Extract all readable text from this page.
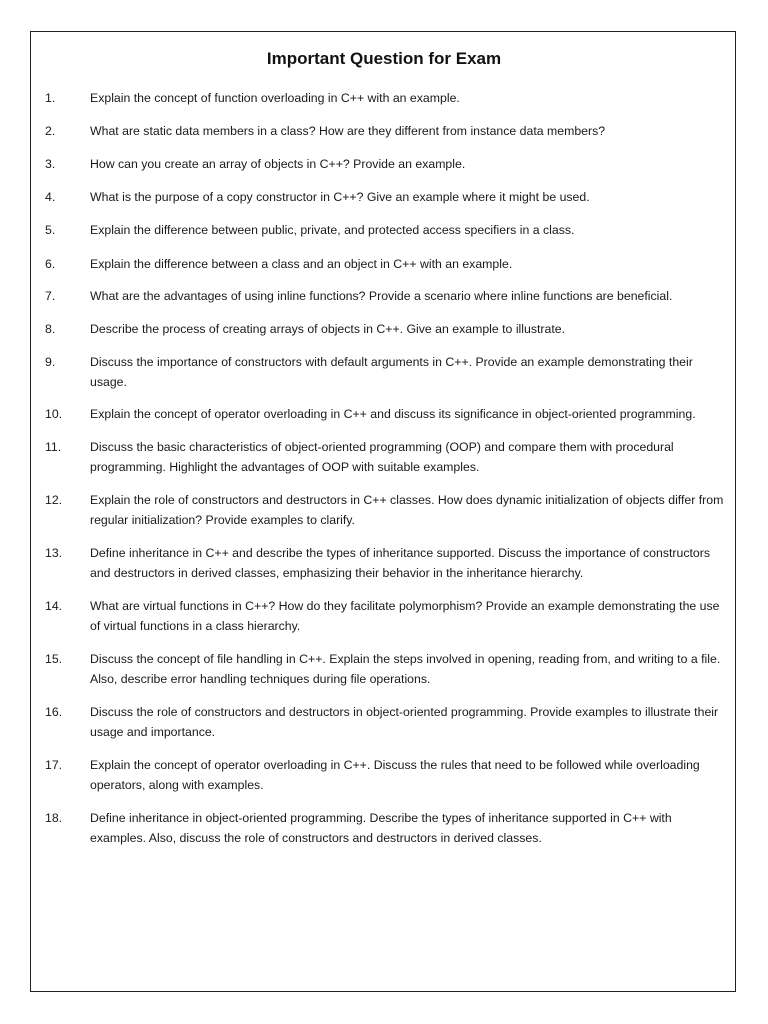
Important Question for Exam
1.	Explain the concept of function overloading in C++ with an example.
2.	What are static data members in a class? How are they different from instance data members?
3.	How can you create an array of objects in C++? Provide an example.
4.	What is the purpose of a copy constructor in C++? Give an example where it might be used.
5.	Explain the difference between public, private, and protected access specifiers in a class.
6.	Explain the difference between a class and an object in C++ with an example.
7.	What are the advantages of using inline functions? Provide a scenario where inline functions are beneficial.
8.	Describe the process of creating arrays of objects in C++. Give an example to illustrate.
9.	Discuss the importance of constructors with default arguments in C++. Provide an example demonstrating their usage.
10. Explain the concept of operator overloading in C++ and discuss its significance in object-oriented programming.
11. Discuss the basic characteristics of object-oriented programming (OOP) and compare them with procedural programming. Highlight the advantages of OOP with suitable examples.
12. Explain the role of constructors and destructors in C++ classes. How does dynamic initialization of objects differ from regular initialization? Provide examples to clarify.
13. Define inheritance in C++ and describe the types of inheritance supported. Discuss the importance of constructors and destructors in derived classes, emphasizing their behavior in the inheritance hierarchy.
14. What are virtual functions in C++? How do they facilitate polymorphism? Provide an example demonstrating the use of virtual functions in a class hierarchy.
15. Discuss the concept of file handling in C++. Explain the steps involved in opening, reading from, and writing to a file. Also, describe error handling techniques during file operations.
16. Discuss the role of constructors and destructors in object-oriented programming. Provide examples to illustrate their usage and importance.
17. Explain the concept of operator overloading in C++. Discuss the rules that need to be followed while overloading operators, along with examples.
18. Define inheritance in object-oriented programming. Describe the types of inheritance supported in C++ with examples. Also, discuss the role of constructors and destructors in derived classes.
